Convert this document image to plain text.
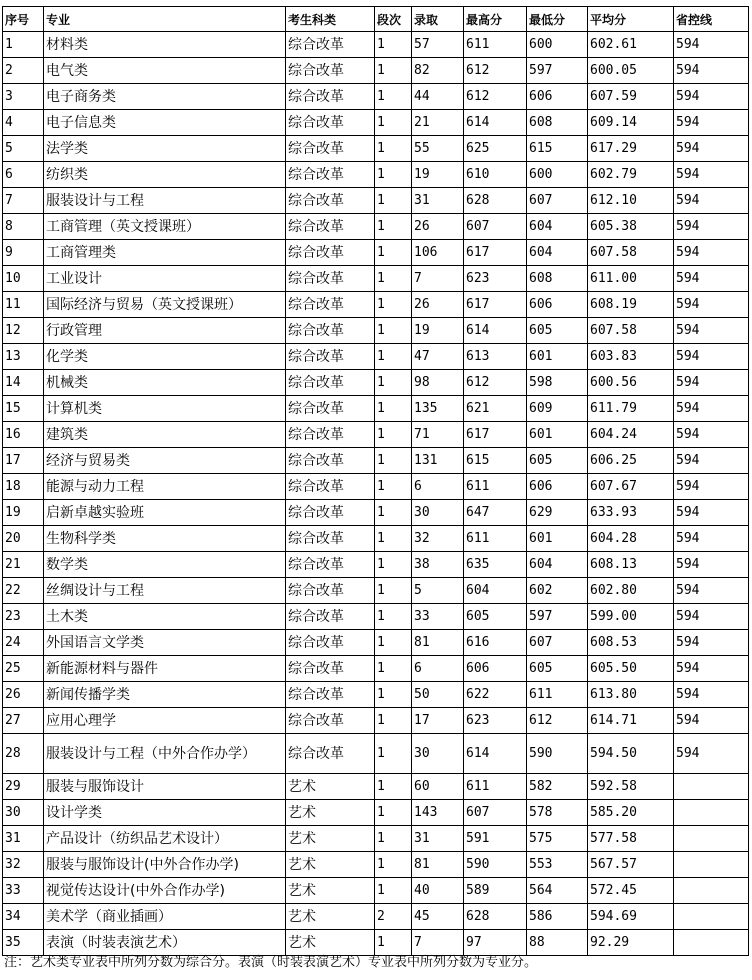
序号	专业	考生科类	段次	录取	最高分	最低分	平均分	省控线
1	材料类	综合改革	1	57	611	600	602.61	594
2	电气类	综合改革	1	82	612	597	600.05	594
3	电子商务类	综合改革	1	44	612	606	607.59	594
4	电子信息类	综合改革	1	21	614	608	609.14	594
5	法学类	综合改革	1	55	625	615	617.29	594
6	纺织类	综合改革	1	19	610	600	602.79	594
7	服装设计与工程	综合改革	1	31	628	607	612.10	594
8	工商管理（英文授课班）	综合改革	1	26	607	604	605.38	594
9	工商管理类	综合改革	1	106	617	604	607.58	594
10	工业设计	综合改革	1	7	623	608	611.00	594
11	国际经济与贸易（英文授课班）	综合改革	1	26	617	606	608.19	594
12	行政管理	综合改革	1	19	614	605	607.58	594
13	化学类	综合改革	1	47	613	601	603.83	594
14	机械类	综合改革	1	98	612	598	600.56	594
15	计算机类	综合改革	1	135	621	609	611.79	594
16	建筑类	综合改革	1	71	617	601	604.24	594
17	经济与贸易类	综合改革	1	131	615	605	606.25	594
18	能源与动力工程	综合改革	1	6	611	606	607.67	594
19	启新卓越实验班	综合改革	1	30	647	629	633.93	594
20	生物科学类	综合改革	1	32	611	601	604.28	594
21	数学类	综合改革	1	38	635	604	608.13	594
22	丝绸设计与工程	综合改革	1	5	604	602	602.80	594
23	土木类	综合改革	1	33	605	597	599.00	594
24	外国语言文学类	综合改革	1	81	616	607	608.53	594
25	新能源材料与器件	综合改革	1	6	606	605	605.50	594
26	新闻传播学类	综合改革	1	50	622	611	613.80	594
27	应用心理学	综合改革	1	17	623	612	614.71	594
28	服装设计与工程（中外合作办学）	综合改革	1	30	614	590	594.50	594
29	服装与服饰设计	艺术	1	60	611	582	592.58	
30	设计学类	艺术	1	143	607	578	585.20	
31	产品设计（纺织品艺术设计）	艺术	1	31	591	575	577.58	
32	服装与服饰设计(中外合作办学)	艺术	1	81	590	553	567.57	
33	视觉传达设计(中外合作办学)	艺术	1	40	589	564	572.45	
34	美术学（商业插画）	艺术	2	45	628	586	594.69	
35	表演（时装表演艺术）	艺术	1	7	97	88	92.29	
注：艺术类专业表中所列分数为综合分。表演（时装表演艺术）专业表中所列分数为专业分。
